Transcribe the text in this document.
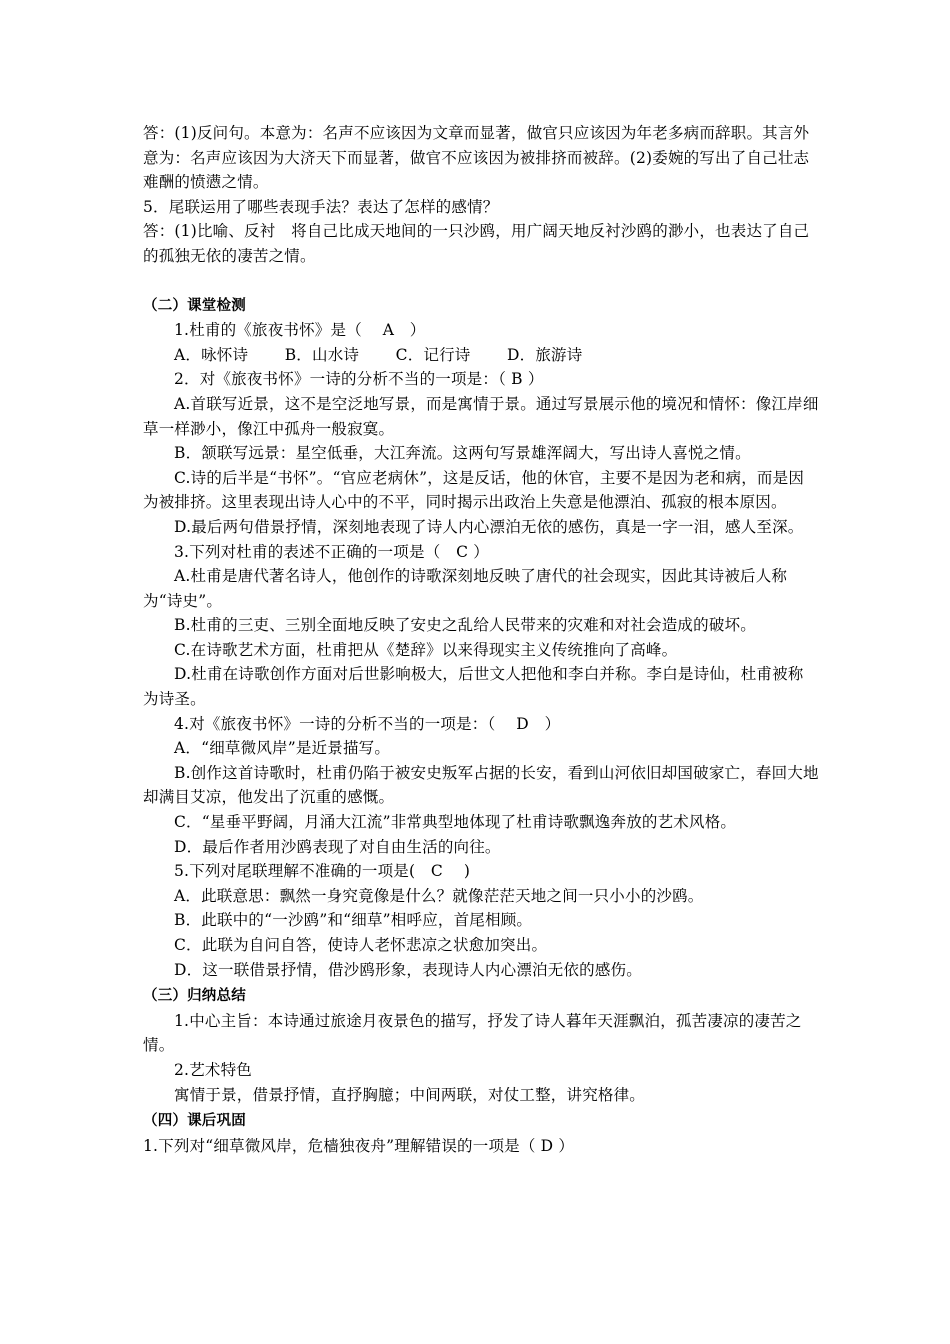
答：(1)反问句。本意为：名声不应该因为文章而显著，做官只应该因为年老多病而辞职。其言外意为：名声应该因为大济天下而显著，做官不应该因为被排挤而被辞。(2)委婉的写出了自己壮志难酬的愤懑之情。

5．尾联运用了哪些表现手法？表达了怎样的感情？

答：(1)比喻、反衬　将自己比成天地间的一只沙鸥，用广阔天地反衬沙鸥的渺小，也表达了自己的孤独无依的凄苦之情。

（二）课堂检测

1.杜甫的《旅夜书怀》是（　 A　）

A．咏怀诗　　 B．山水诗　　 C．记行诗　　 D．旅游诗

2．对《旅夜书怀》一诗的分析不当的一项是：（ B ）

A.首联写近景，这不是空泛地写景，而是寓情于景。通过写景展示他的境况和情怀：像江岸细草一样渺小，像江中孤舟一般寂寞。

B．颔联写远景：星空低垂，大江奔流。这两句写景雄浑阔大，写出诗人喜悦之情。

C.诗的后半是“书怀”。“官应老病休”，这是反话，他的休官，主要不是因为老和病，而是因为被排挤。这里表现出诗人心中的不平，同时揭示出政治上失意是他漂泊、孤寂的根本原因。

D.最后两句借景抒情，深刻地表现了诗人内心漂泊无依的感伤，真是一字一泪，感人至深。

3.下列对杜甫的表述不正确的一项是（　C ）

A.杜甫是唐代著名诗人，他创作的诗歌深刻地反映了唐代的社会现实，因此其诗被后人称为“诗史”。

B.杜甫的三吏、三别全面地反映了安史之乱给人民带来的灾难和对社会造成的破坏。

C.在诗歌艺术方面，杜甫把从《楚辞》以来得现实主义传统推向了高峰。

D.杜甫在诗歌创作方面对后世影响极大，后世文人把他和李白并称。李白是诗仙，杜甫被称为诗圣。

4.对《旅夜书怀》一诗的分析不当的一项是：（　 D　）

A．“细草微风岸”是近景描写。

B.创作这首诗歌时，杜甫仍陷于被安史叛军占据的长安，看到山河依旧却国破家亡，春回大地却满目艾凉，他发出了沉重的感慨。

C．“星垂平野阔，月涌大江流”非常典型地体现了杜甫诗歌飘逸奔放的艺术风格。

D．最后作者用沙鸥表现了对自由生活的向往。

5.下列对尾联理解不准确的一项是(　C　 )

A．此联意思：飘然一身究竟像是什么？就像茫茫天地之间一只小小的沙鸥。

B．此联中的“一沙鸥”和“细草”相呼应，首尾相顾。

C．此联为自问自答，使诗人老怀悲凉之状愈加突出。

D．这一联借景抒情，借沙鸥形象，表现诗人内心漂泊无依的感伤。

（三）归纳总结

1.中心主旨：本诗通过旅途月夜景色的描写，抒发了诗人暮年天涯飘泊，孤苦凄凉的凄苦之情。

2.艺术特色

寓情于景，借景抒情，直抒胸臆；中间两联，对仗工整，讲究格律。

（四）课后巩固

1.下列对“细草微风岸，危樯独夜舟”理解错误的一项是（ D ）
